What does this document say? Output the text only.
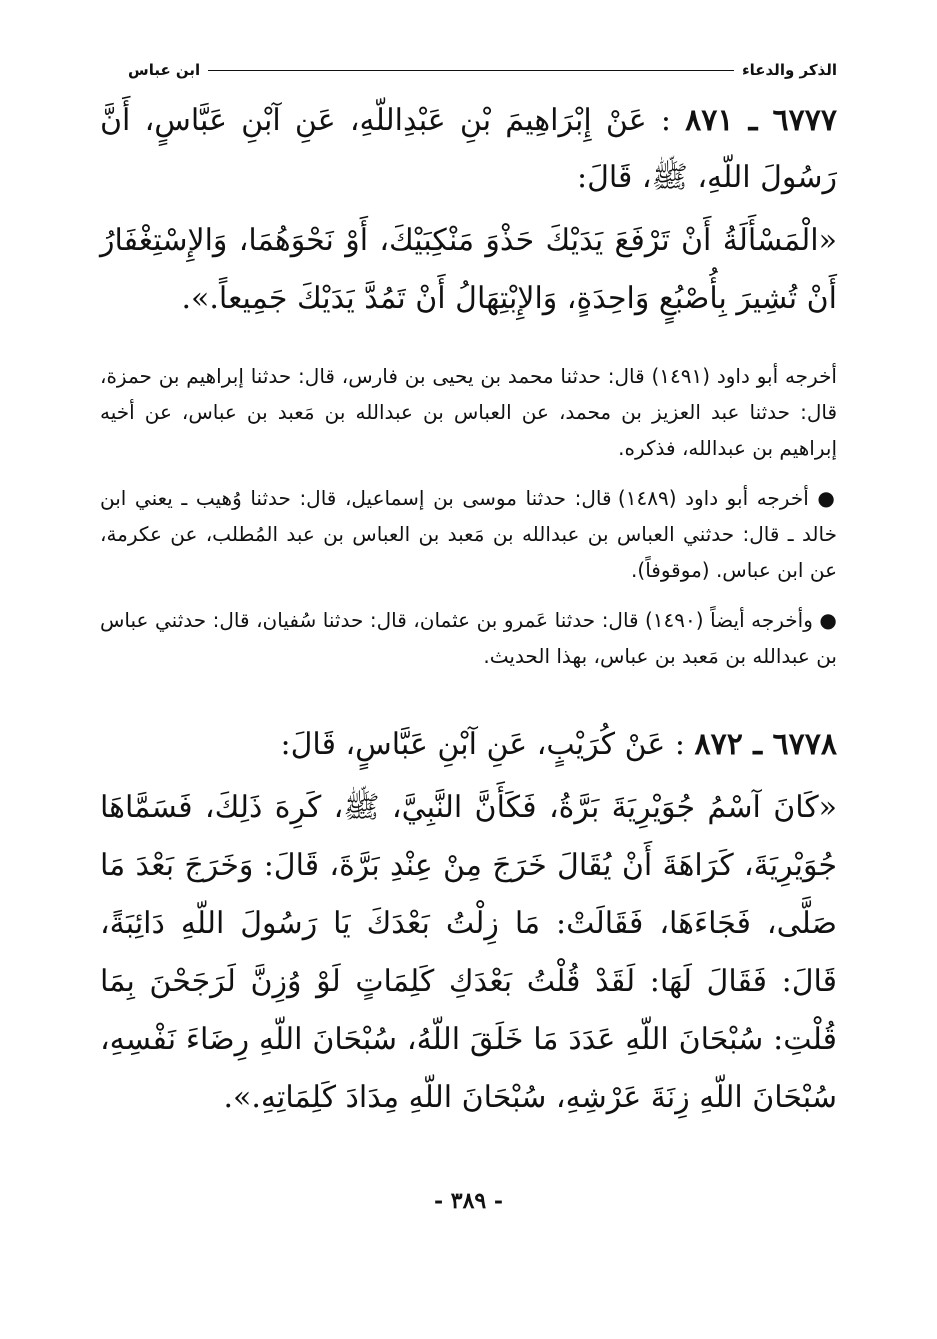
الذكر والدعاء
ابن عباس

٦٧٧٧ ـ ٨٧١ : عَنْ إِبْرَاهِيمَ بْنِ عَبْدِاللّهِ، عَنِ آبْنِ عَبَّاسٍ، أَنَّ رَسُولَ اللّهِ، ﷺ، قَالَ:

«الْمَسْأَلَةُ أَنْ تَرْفَعَ يَدَيْكَ حَذْوَ مَنْكِبَيْكَ، أَوْ نَحْوَهُمَا، وَالإِسْتِغْفَارُ أَنْ تُشِيرَ بِأُصْبُعٍ وَاحِدَةٍ، وَالإِبْتِهَالُ أَنْ تَمُدَّ يَدَيْكَ جَمِيعاً.».

أخرجه أبو داود (١٤٩١) قال: حدثنا محمد بن يحيى بن فارس، قال: حدثنا إبراهيم بن حمزة، قال: حدثنا عبد العزيز بن محمد، عن العباس بن عبدالله بن مَعبد بن عباس، عن أخيه إبراهيم بن عبدالله، فذكره.

● أخرجه أبو داود (١٤٨٩) قال: حدثنا موسى بن إسماعيل، قال: حدثنا وُهيب ـ يعني ابن خالد ـ قال: حدثني العباس بن عبدالله بن مَعبد بن العباس بن عبد المُطلب، عن عكرمة، عن ابن عباس. (موقوفاً).

● وأخرجه أيضاً (١٤٩٠) قال: حدثنا عَمرو بن عثمان، قال: حدثنا سُفيان، قال: حدثني عباس بن عبدالله بن مَعبد بن عباس، بهذا الحديث.

٦٧٧٨ ـ ٨٧٢ : عَنْ كُرَيْبٍ، عَنِ آبْنِ عَبَّاسٍ، قَالَ:

«كَانَ آسْمُ جُوَيْرِيَةَ بَرَّةُ، فَكَأَنَّ النَّبِيَّ، ﷺ، كَرِهَ ذَلِكَ، فَسَمَّاهَا جُوَيْرِيَةَ، كَرَاهَةَ أَنْ يُقَالَ خَرَجَ مِنْ عِنْدِ بَرَّةَ، قَالَ: وَخَرَجَ بَعْدَ مَا صَلَّى، فَجَاءَهَا، فَقَالَتْ: مَا زِلْتُ بَعْدَكَ يَا رَسُولَ اللّهِ دَائِبَةً، قَالَ: فَقَالَ لَهَا: لَقَدْ قُلْتُ بَعْدَكِ كَلِمَاتٍ لَوْ وُزِنَّ لَرَجَحْنَ بِمَا قُلْتِ: سُبْحَانَ اللّهِ عَدَدَ مَا خَلَقَ اللّهُ، سُبْحَانَ اللّهِ رِضَاءَ نَفْسِهِ، سُبْحَانَ اللّهِ زِنَةَ عَرْشِهِ، سُبْحَانَ اللّهِ مِدَادَ كَلِمَاتِهِ.».

- ٣٨٩ -
